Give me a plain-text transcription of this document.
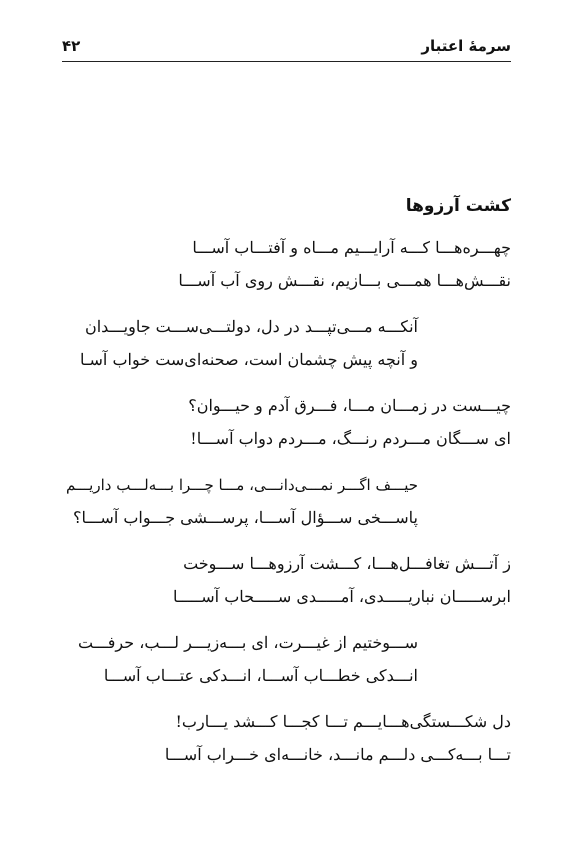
سرمهٔ اعتبار
۴۲
کشت آرزوها
چهـــره‌هـــا کـــه آرایـــیم مـــاه و آفتـــاب آســـا
نقـــش‌هـــا همـــی بـــازیم، نقـــش روی آب آســـا
آنکـــه مـــی‌تپـــد در دل، دولتـــی‌ســـت جاویـــدان
و آنچه پیش چشمان است، صحنه‌ای‌ست خواب آسـا
چیـــست در زمـــان مـــا، فـــرق آدم و حیـــوان؟
ای ســـگان مـــردم رنـــگ، مـــردم دواب آســـا!
حیـــف اگـــر نمـــی‌دانـــی، مـــا چـــرا بـــه‌لـــب داریـــم
پاســـخی ســـؤال آســـا، پرســـشی جـــواب آســـا؟
ز آتـــش تغافـــل‌هـــا، کـــشت آرزوهـــا ســـوخت
ابرســـــان نباریـــــدی، آمـــــدی ســـــحاب آســـــا
ســـوختیم از غیـــرت، ای بـــه‌زیـــر لـــب، حرفـــت
انـــدکی خطـــاب آســـا، انـــدکی عتـــاب آســـا
دل شکـــستگی‌هـــایـــم تـــا کجـــا کـــشد یـــارب!
تـــا بـــه‌کـــی دلـــم مانـــد، خانـــه‌ای خـــراب آســـا
